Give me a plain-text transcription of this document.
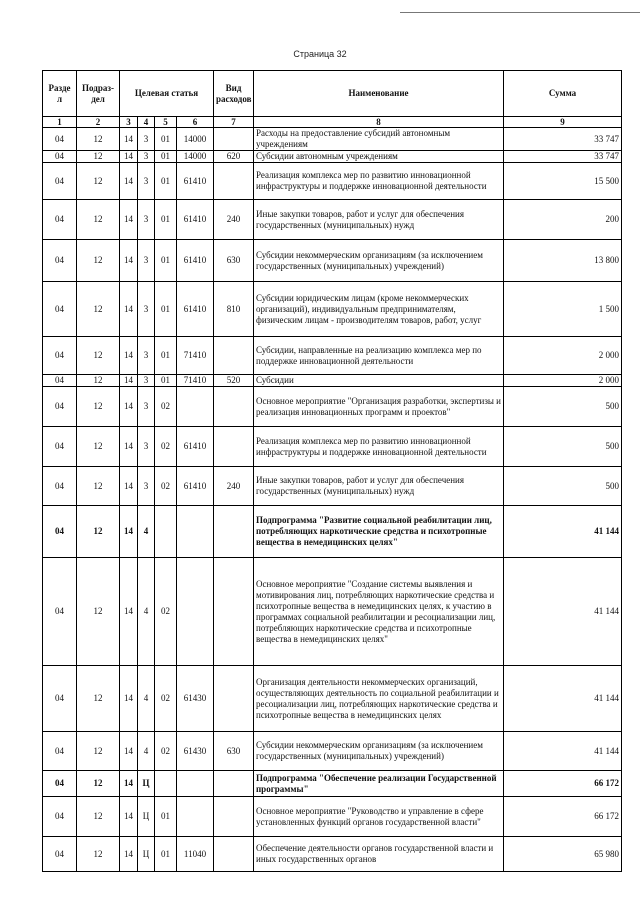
Страница 32
Разде л	Подраз-дел	Целевая статья				Вид расходов	Наименование	Сумма
1	2	3	4	5	6	7	8	9
04	12	14	3	01	14000		Расходы на предоставление субсидий автономным учреждениям	33 747
04	12	14	3	01	14000	620	Субсидии автономным учреждениям	33 747
04	12	14	3	01	61410		Реализация комплекса мер по развитию инновационной инфраструктуры и поддержке инновационной деятельности	15 500
04	12	14	3	01	61410	240	Иные закупки товаров, работ и услуг для обеспечения государственных (муниципальных) нужд	200
04	12	14	3	01	61410	630	Субсидии некоммерческим организациям (за исключением государственных (муниципальных) учреждений)	13 800
04	12	14	3	01	61410	810	Субсидии юридическим лицам (кроме некоммерческих организаций), индивидуальным предпринимателям, физическим лицам - производителям товаров, работ, услуг	1 500
04	12	14	3	01	71410		Субсидии, направленные на реализацию комплекса мер по поддержке инновационной деятельности	2 000
04	12	14	3	01	71410	520	Субсидии	2 000
04	12	14	3	02			Основное мероприятие "Организация разработки, экспертизы и реализация инновационных программ и проектов"	500
04	12	14	3	02	61410		Реализация комплекса мер по развитию инновационной инфраструктуры и поддержке инновационной деятельности	500
04	12	14	3	02	61410	240	Иные закупки товаров, работ и услуг для обеспечения государственных (муниципальных) нужд	500
04	12	14	4				Подпрограмма "Развитие социальной реабилитации лиц, потребляющих наркотические средства и психотропные вещества в немедицинских целях"	41 144
04	12	14	4	02			Основное мероприятие "Создание системы выявления и мотивирования лиц, потребляющих наркотические средства и психотропные вещества в немедицинских целях, к участию в программах социальной реабилитации и ресоциализации лиц, потребляющих наркотические средства и психотропные вещества в немедицинских целях"	41 144
04	12	14	4	02	61430		Организация деятельности некоммерческих организаций, осуществляющих деятельность по социальной реабилитации и ресоциализации лиц, потребляющих наркотические средства и психотропные вещества в немедицинских целях	41 144
04	12	14	4	02	61430	630	Субсидии некоммерческим организациям (за исключением государственных (муниципальных) учреждений)	41 144
04	12	14	Ц				Подпрограмма "Обеспечение реализации Государственной программы"	66 172
04	12	14	Ц	01			Основное мероприятие "Руководство и управление в сфере установленных функций органов государственной власти"	66 172
04	12	14	Ц	01	11040		Обеспечение деятельности органов государственной власти и иных государственных органов	65 980
